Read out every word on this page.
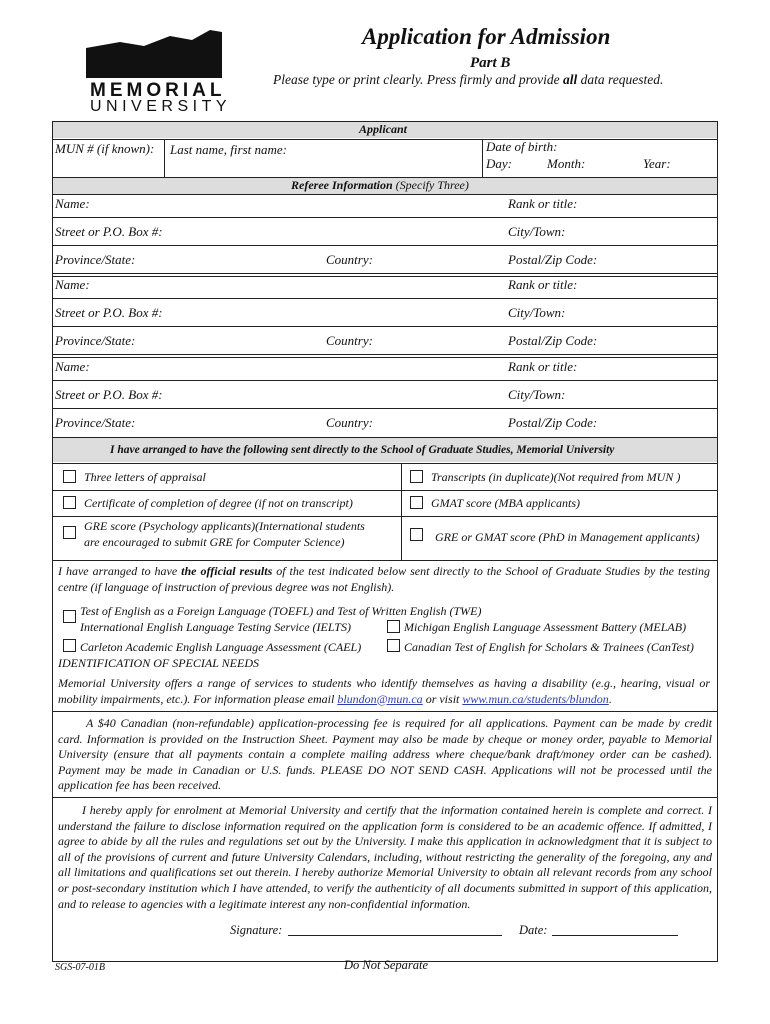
MEMORIAL
UNIVERSITY
Application for Admission
Part B
Please type or print clearly. Press firmly and provide all data requested.
Applicant
MUN # (if known): Last name, first name:	Date of birth:
Day:	Month:	Year:
Referee Information (Specify Three)
Name:	Rank or title:
Street or P.O. Box #:	City/Town:
Province/State:	Country:	Postal/Zip Code:
Name:	Rank or title:
Street or P.O. Box #:	City/Town:
Province/State:	Country:	Postal/Zip Code:
Name:	Rank or title:
Street or P.O. Box #:	City/Town:
Province/State:	Country:	Postal/Zip Code:
I have arranged to have the following sent directly to the School of Graduate Studies, Memorial University
Three letters of appraisal	Transcripts (in duplicate)(Not required from MUN )
Certificate of completion of degree (if not on transcript)	GMAT score (MBA applicants)
GRE score (Psychology applicants)(International students
are encouraged to submit GRE for Computer Science)	GRE or GMAT score (PhD in Management applicants)
I have arranged to have the official results of the test indicated below sent directly to the School of Graduate Studies by the testing centre (if language of instruction of previous degree was not English).
Test of English as a Foreign Language (TOEFL) and Test of Written English (TWE)
International English Language Testing Service (IELTS)	Michigan English Language Assessment Battery (MELAB)
Carleton Academic English Language Assessment (CAEL)	Canadian Test of English for Scholars & Trainees (CanTest)
IDENTIFICATION OF SPECIAL NEEDS
Memorial University offers a range of services to students who identify themselves as having a disability (e.g., hearing, visual or mobility impairments, etc.). For information please email blundon@mun.ca or visit www.mun.ca/students/blundon.
A $40 Canadian (non-refundable) application-processing fee is required for all applications. Payment can be made by credit card. Information is provided on the Instruction Sheet. Payment may also be made by cheque or money order, payable to Memorial University (ensure that all payments contain a complete mailing address where cheque/bank draft/money order can be cashed). Payment may be made in Canadian or U.S. funds. PLEASE DO NOT SEND CASH. Applications will not be processed until the application fee has been received.
I hereby apply for enrolment at Memorial University and certify that the information contained herein is complete and correct. I understand the failure to disclose information required on the application form is considered to be an academic offence. If admitted, I agree to abide by all the rules and regulations set out by the University. I make this application in acknowledgment that it is subject to all of the provisions of current and future University Calendars, including, without restricting the generality of the foregoing, any and all limitations and qualifications set out therein. I hereby authorize Memorial University to obtain all relevant records from any school or post-secondary institution which I have attended, to verify the authenticity of all documents submitted in support of this application, and to release to agencies with a legitimate interest any non-confidential information.
Signature:	Date:
SGS-07-01B	Do Not Separate
